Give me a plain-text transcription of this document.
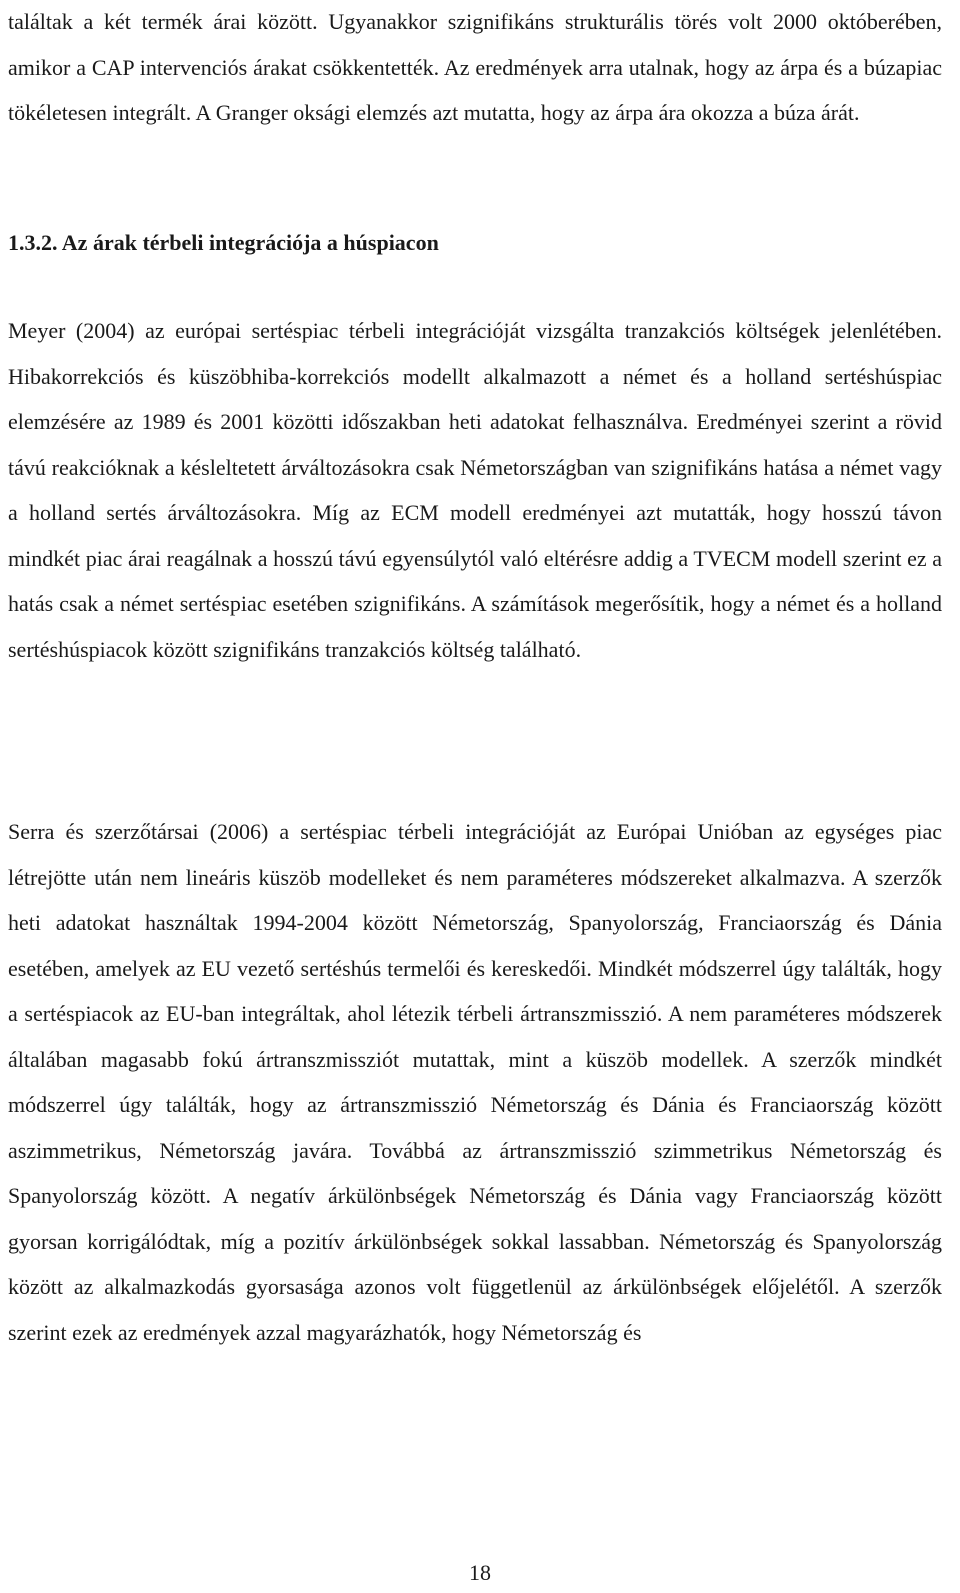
találtak a két termék árai között. Ugyanakkor szignifikáns strukturális törés volt 2000 októberében, amikor a CAP intervenciós árakat csökkentették. Az eredmények arra utalnak, hogy az árpa és a búzapiac tökéletesen integrált. A Granger oksági elemzés azt mutatta, hogy az árpa ára okozza a búza árát.

1.3.2. Az árak térbeli integrációja a húspiacon

Meyer (2004) az európai sertéspiac térbeli integrációját vizsgálta tranzakciós költségek jelenlétében. Hibakorrekciós és küszöbhiba-korrekciós modellt alkalmazott a német és a holland sertéshúspiac elemzésére az 1989 és 2001 közötti időszakban heti adatokat felhasználva. Eredményei szerint a rövid távú reakcióknak a késleltetett árváltozásokra csak Németországban van szignifikáns hatása a német vagy a holland sertés árváltozásokra. Míg az ECM modell eredményei azt mutatták, hogy hosszú távon mindkét piac árai reagálnak a hosszú távú egyensúlytól való eltérésre addig a TVECM modell szerint ez a hatás csak a német sertéspiac esetében szignifikáns. A számítások megerősítik, hogy a német és a holland sertéshúspiacok között szignifikáns tranzakciós költség található.

Serra és szerzőtársai (2006) a sertéspiac térbeli integrációját az Európai Unióban az egységes piac létrejötte után nem lineáris küszöb modelleket és nem paraméteres módszereket alkalmazva. A szerzők heti adatokat használtak 1994-2004 között Németország, Spanyolország, Franciaország és Dánia esetében, amelyek az EU vezető sertéshús termelői és kereskedői. Mindkét módszerrel úgy találták, hogy a sertéspiacok az EU-ban integráltak, ahol létezik térbeli ártranszmisszió. A nem paraméteres módszerek általában magasabb fokú ártranszmissziót mutattak, mint a küszöb modellek. A szerzők mindkét módszerrel úgy találták, hogy az ártranszmisszió Németország és Dánia és Franciaország között aszimmetrikus, Németország javára. Továbbá az ártranszmisszió szimmetrikus Németország és Spanyolország között. A negatív árkülönbségek Németország és Dánia vagy Franciaország között gyorsan korrigálódtak, míg a pozitív árkülönbségek sokkal lassabban. Németország és Spanyolország között az alkalmazkodás gyorsasága azonos volt függetlenül az árkülönbségek előjelétől. A szerzők szerint ezek az eredmények azzal magyarázhatók, hogy Németország és

18
